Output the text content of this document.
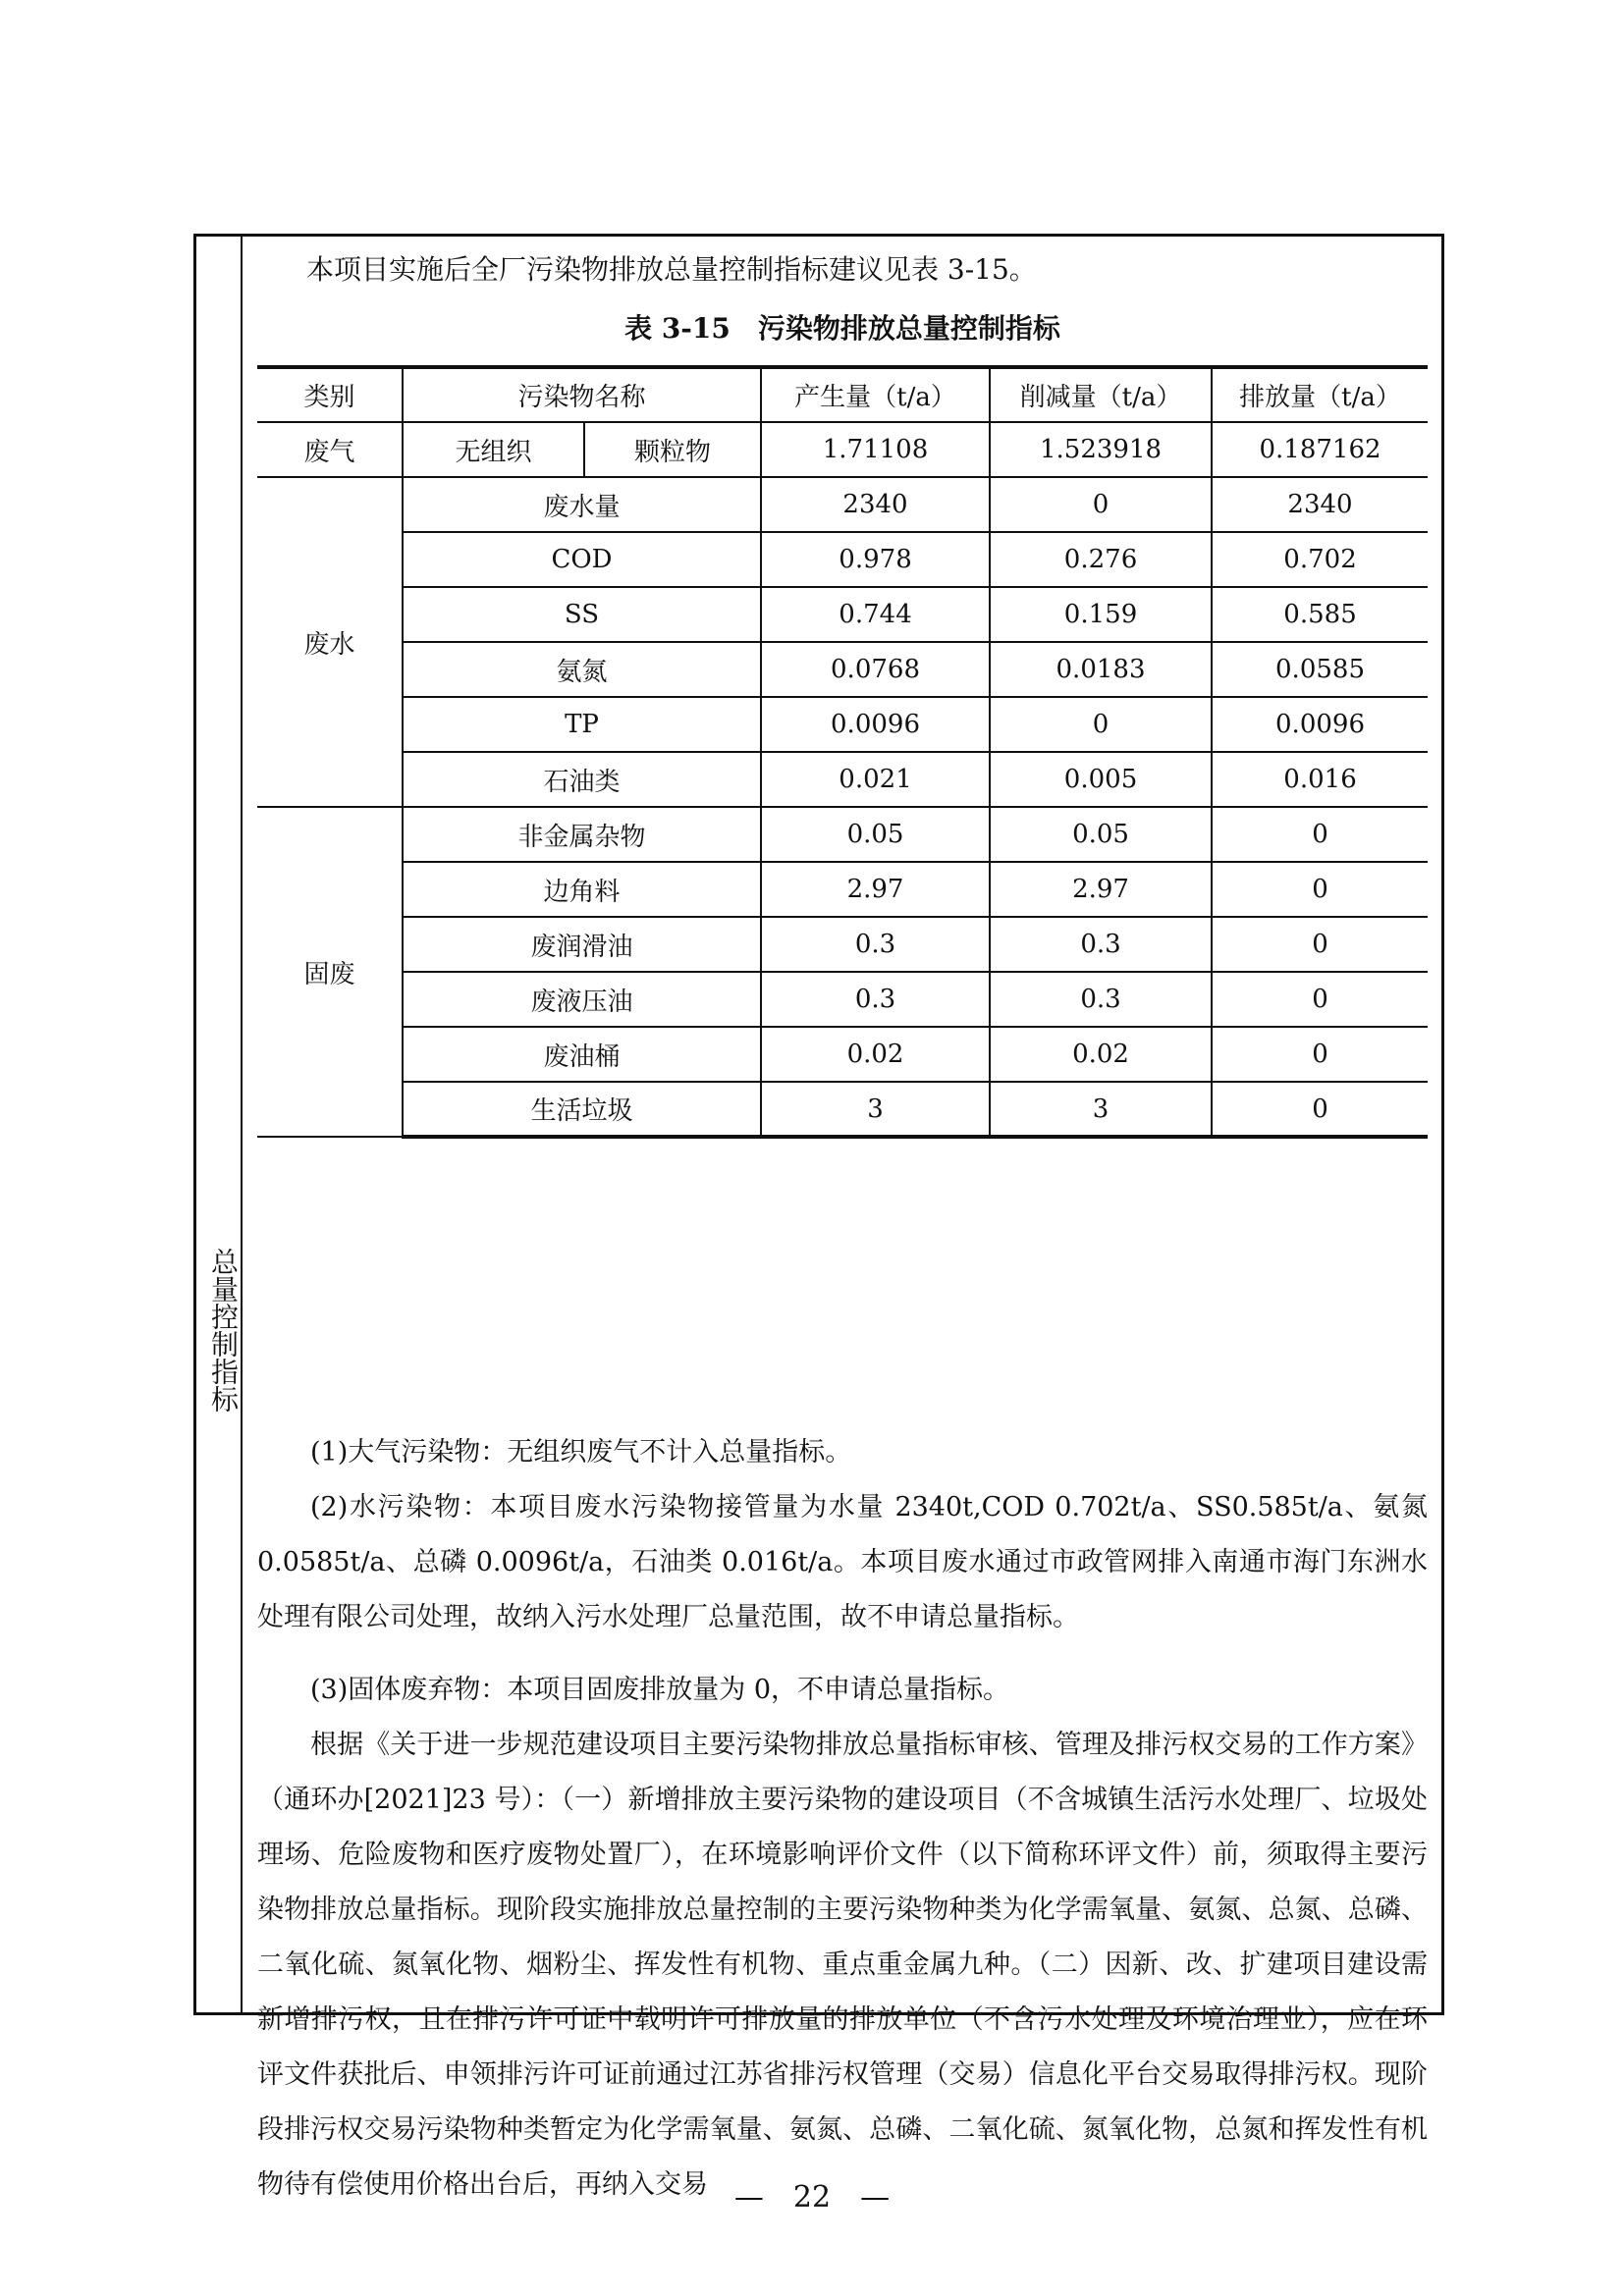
总量控制指标
本项目实施后全厂污染物排放总量控制指标建议见表 3-15。
表 3-15　污染物排放总量控制指标
类别	污染物名称		产生量（t/a）	削减量（t/a）	排放量（t/a）
废气	无组织	颗粒物	1.71108	1.523918	0.187162
废水	废水量		2340	0	2340
	COD		0.978	0.276	0.702
	SS		0.744	0.159	0.585
	氨氮		0.0768	0.0183	0.0585
	TP		0.0096	0	0.0096
	石油类		0.021	0.005	0.016
固废	非金属杂物		0.05	0.05	0
	边角料		2.97	2.97	0
	废润滑油		0.3	0.3	0
	废液压油		0.3	0.3	0
	废油桶		0.02	0.02	0
	生活垃圾		3	3	0

(1)大气污染物：无组织废气不计入总量指标。

(2)水污染物：本项目废水污染物接管量为水量 2340t,COD 0.702t/a、SS0.585t/a、氨氮 0.0585t/a、总磷 0.0096t/a，石油类 0.016t/a。本项目废水通过市政管网排入南通市海门东洲水处理有限公司处理，故纳入污水处理厂总量范围，故不申请总量指标。

(3)固体废弃物：本项目固废排放量为 0，不申请总量指标。

根据《关于进一步规范建设项目主要污染物排放总量指标审核、管理及排污权交易的工作方案》（通环办[2021]23 号）：（一）新增排放主要污染物的建设项目（不含城镇生活污水处理厂、垃圾处理场、危险废物和医疗废物处置厂），在环境影响评价文件（以下简称环评文件）前，须取得主要污染物排放总量指标。现阶段实施排放总量控制的主要污染物种类为化学需氧量、氨氮、总氮、总磷、二氧化硫、氮氧化物、烟粉尘、挥发性有机物、重点重金属九种。（二）因新、改、扩建项目建设需新增排污权，且在排污许可证中载明许可排放量的排放单位（不含污水处理及环境治理业），应在环评文件获批后、申领排污许可证前通过江苏省排污权管理（交易）信息化平台交易取得排污权。现阶段排污权交易污染物种类暂定为化学需氧量、氨氮、总磷、二氧化硫、氮氧化物，总氮和挥发性有机物待有偿使用价格出台后，再纳入交易 —　22　—
